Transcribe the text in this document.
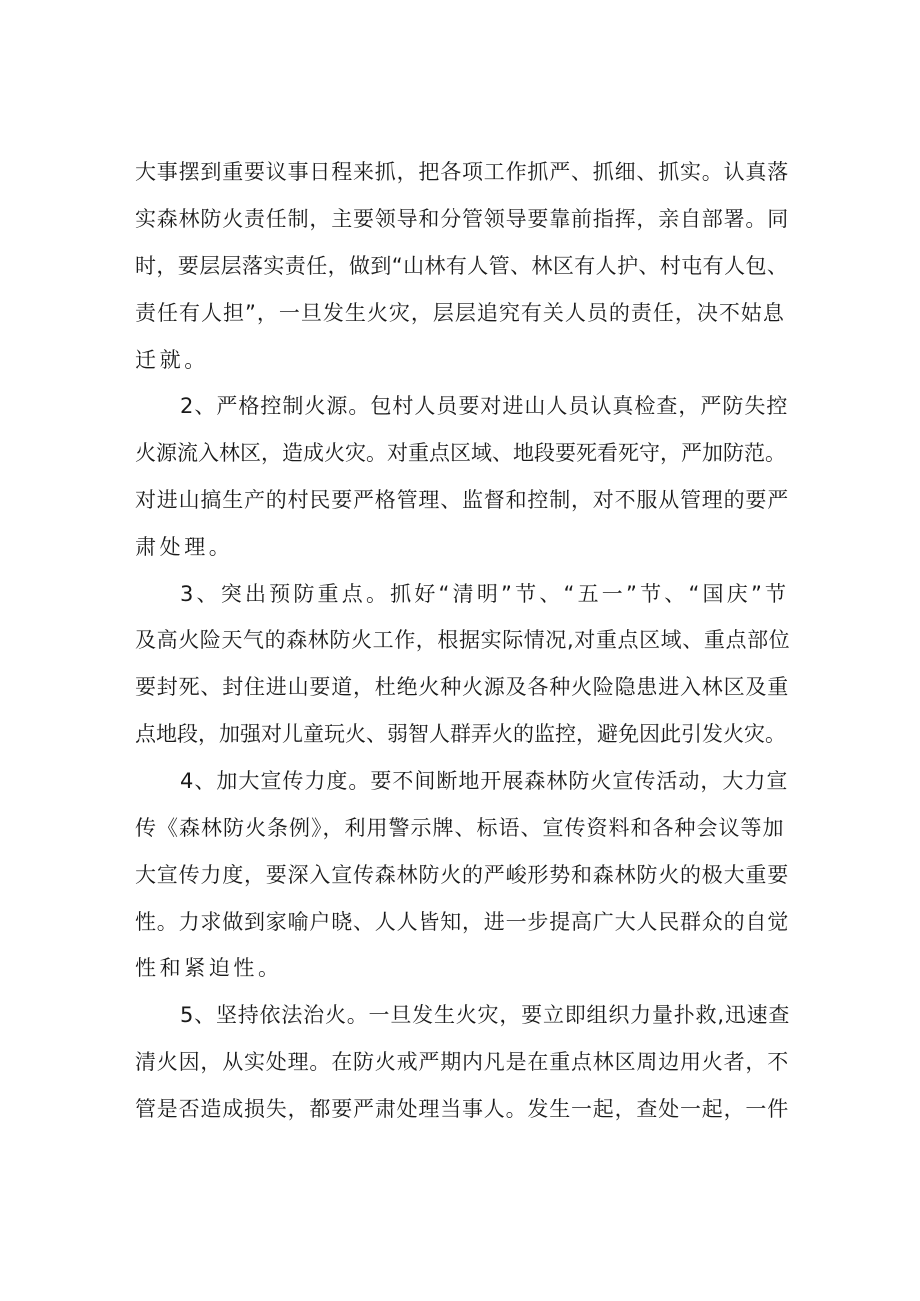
大事摆到重要议事日程来抓，把各项工作抓严、抓细、抓实。认真落
实森林防火责任制，主要领导和分管领导要靠前指挥，亲自部署。同
时，要层层落实责任，做到“山林有人管、林区有人护、村屯有人包、
责任有人担”，一旦发生火灾，层层追究有关人员的责任，决不姑息
迁就。
2、严格控制火源。包村人员要对进山人员认真检查，严防失控
火源流入林区，造成火灾。对重点区域、地段要死看死守，严加防范。
对进山搞生产的村民要严格管理、监督和控制，对不服从管理的要严
肃处理。
3、突出预防重点。抓好“清明”节、“五一”节、“国庆”节
及高火险天气的森林防火工作，根据实际情况,对重点区域、重点部位
要封死、封住进山要道，杜绝火种火源及各种火险隐患进入林区及重
点地段，加强对儿童玩火、弱智人群弄火的监控，避免因此引发火灾。
4、加大宣传力度。要不间断地开展森林防火宣传活动，大力宣
传《森林防火条例》，利用警示牌、标语、宣传资料和各种会议等加
大宣传力度，要深入宣传森林防火的严峻形势和森林防火的极大重要
性。力求做到家喻户晓、人人皆知，进一步提高广大人民群众的自觉
性和紧迫性。
5、坚持依法治火。一旦发生火灾，要立即组织力量扑救,迅速查
清火因，从实处理。在防火戒严期内凡是在重点林区周边用火者，不
管是否造成损失，都要严肃处理当事人。发生一起，查处一起，一件
